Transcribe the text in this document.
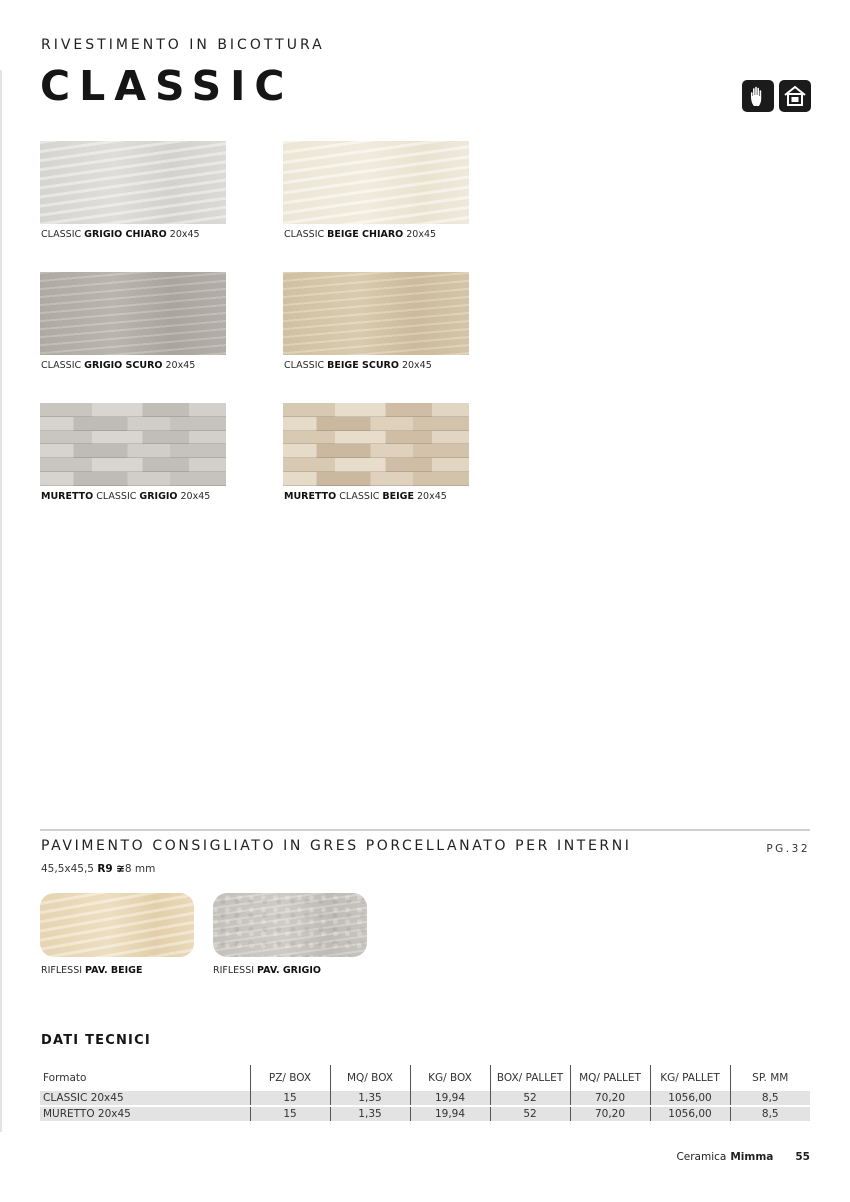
RIVESTIMENTO IN BICOTTURA
CLASSIC
CLASSIC GRIGIO CHIARO 20x45	CLASSIC BEIGE CHIARO 20x45
CLASSIC GRIGIO SCURO 20x45	CLASSIC BEIGE SCURO 20x45
MURETTO CLASSIC GRIGIO 20x45	MURETTO CLASSIC BEIGE 20x45
PAVIMENTO CONSIGLIATO IN GRES PORCELLANATO PER INTERNI	PG.32
45,5x45,5 R9 ≆8 mm
RIFLESSI PAV. BEIGE	RIFLESSI PAV. GRIGIO
DATI TECNICI
Formato	PZ/ BOX	MQ/ BOX	KG/ BOX	BOX/ PALLET	MQ/ PALLET	KG/ PALLET	SP. MM
CLASSIC 20x45	15	1,35	19,94	52	70,20	1056,00	8,5
MURETTO 20x45	15	1,35	19,94	52	70,20	1056,00	8,5
Ceramica Mimma 55
